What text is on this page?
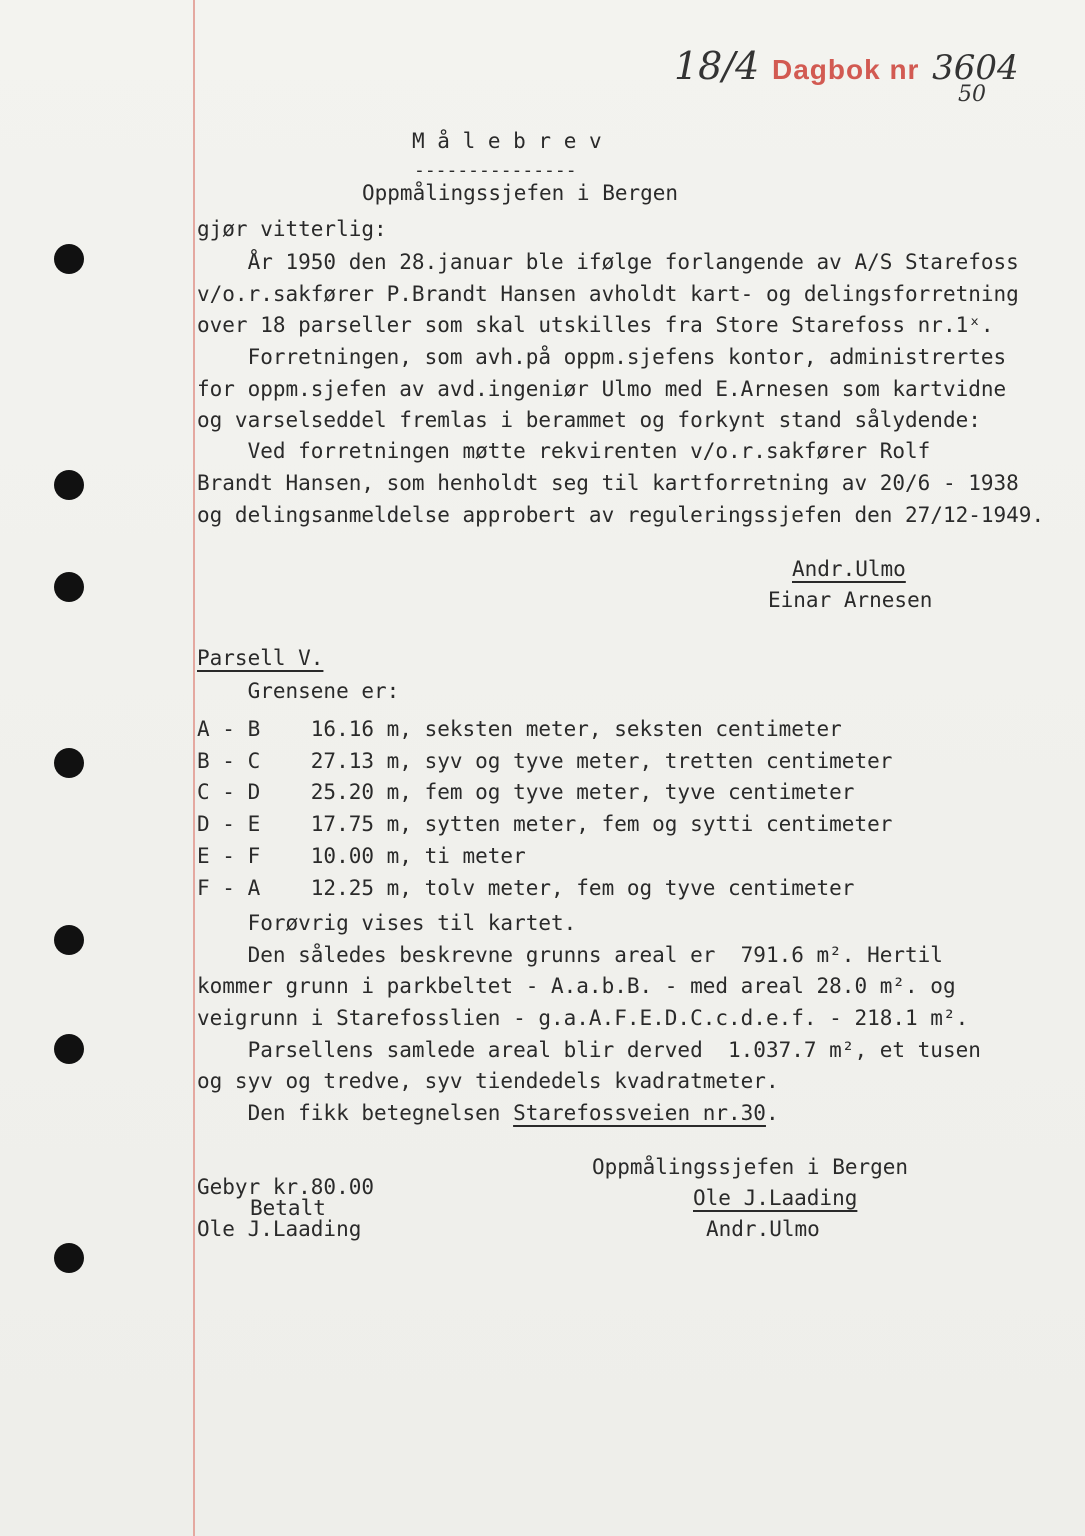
18/4 Dagbok nr 3604
50
M å l e b r e v
---------------
Oppmålingssjefen i Bergen
gjør vitterlig:
År 1950 den 28.januar ble ifølge forlangende av A/S Starefoss
v/o.r.sakfører P.Brandt Hansen avholdt kart- og delingsforretning
over 18 parseller som skal utskilles fra Store Starefoss nr.1ˣ.
Forretningen, som avh.på oppm.sjefens kontor, administrertes
for oppm.sjefen av avd.ingeniør Ulmo med E.Arnesen som kartvidne
og varselseddel fremlas i berammet og forkynt stand sålydende:
Ved forretningen møtte rekvirenten v/o.r.sakfører Rolf
Brandt Hansen, som henholdt seg til kartforretning av 20/6 - 1938
og delingsanmeldelse approbert av reguleringssjefen den 27/12-1949.
Andr.Ulmo
Einar Arnesen
Parsell V.
Grensene er:
A - B    16.16 m, seksten meter, seksten centimeter
B - C    27.13 m, syv og tyve meter, tretten centimeter
C - D    25.20 m, fem og tyve meter, tyve centimeter
D - E    17.75 m, sytten meter, fem og sytti centimeter
E - F    10.00 m, ti meter
F - A    12.25 m, tolv meter, fem og tyve centimeter
Forøvrig vises til kartet.
Den således beskrevne grunns areal er  791.6 m². Hertil
kommer grunn i parkbeltet - A.a.b.B. - med areal 28.0 m². og
veigrunn i Starefosslien - g.a.A.F.E.D.C.c.d.e.f. - 218.1 m².
Parsellens samlede areal blir derved  1.037.7 m², et tusen
og syv og tredve, syv tiendedels kvadratmeter.
Den fikk betegnelsen Starefossveien nr.30.
Oppmålingssjefen i Bergen
Ole J.Laading
Andr.Ulmo
Gebyr kr.80.00
Betalt
Ole J.Laading
